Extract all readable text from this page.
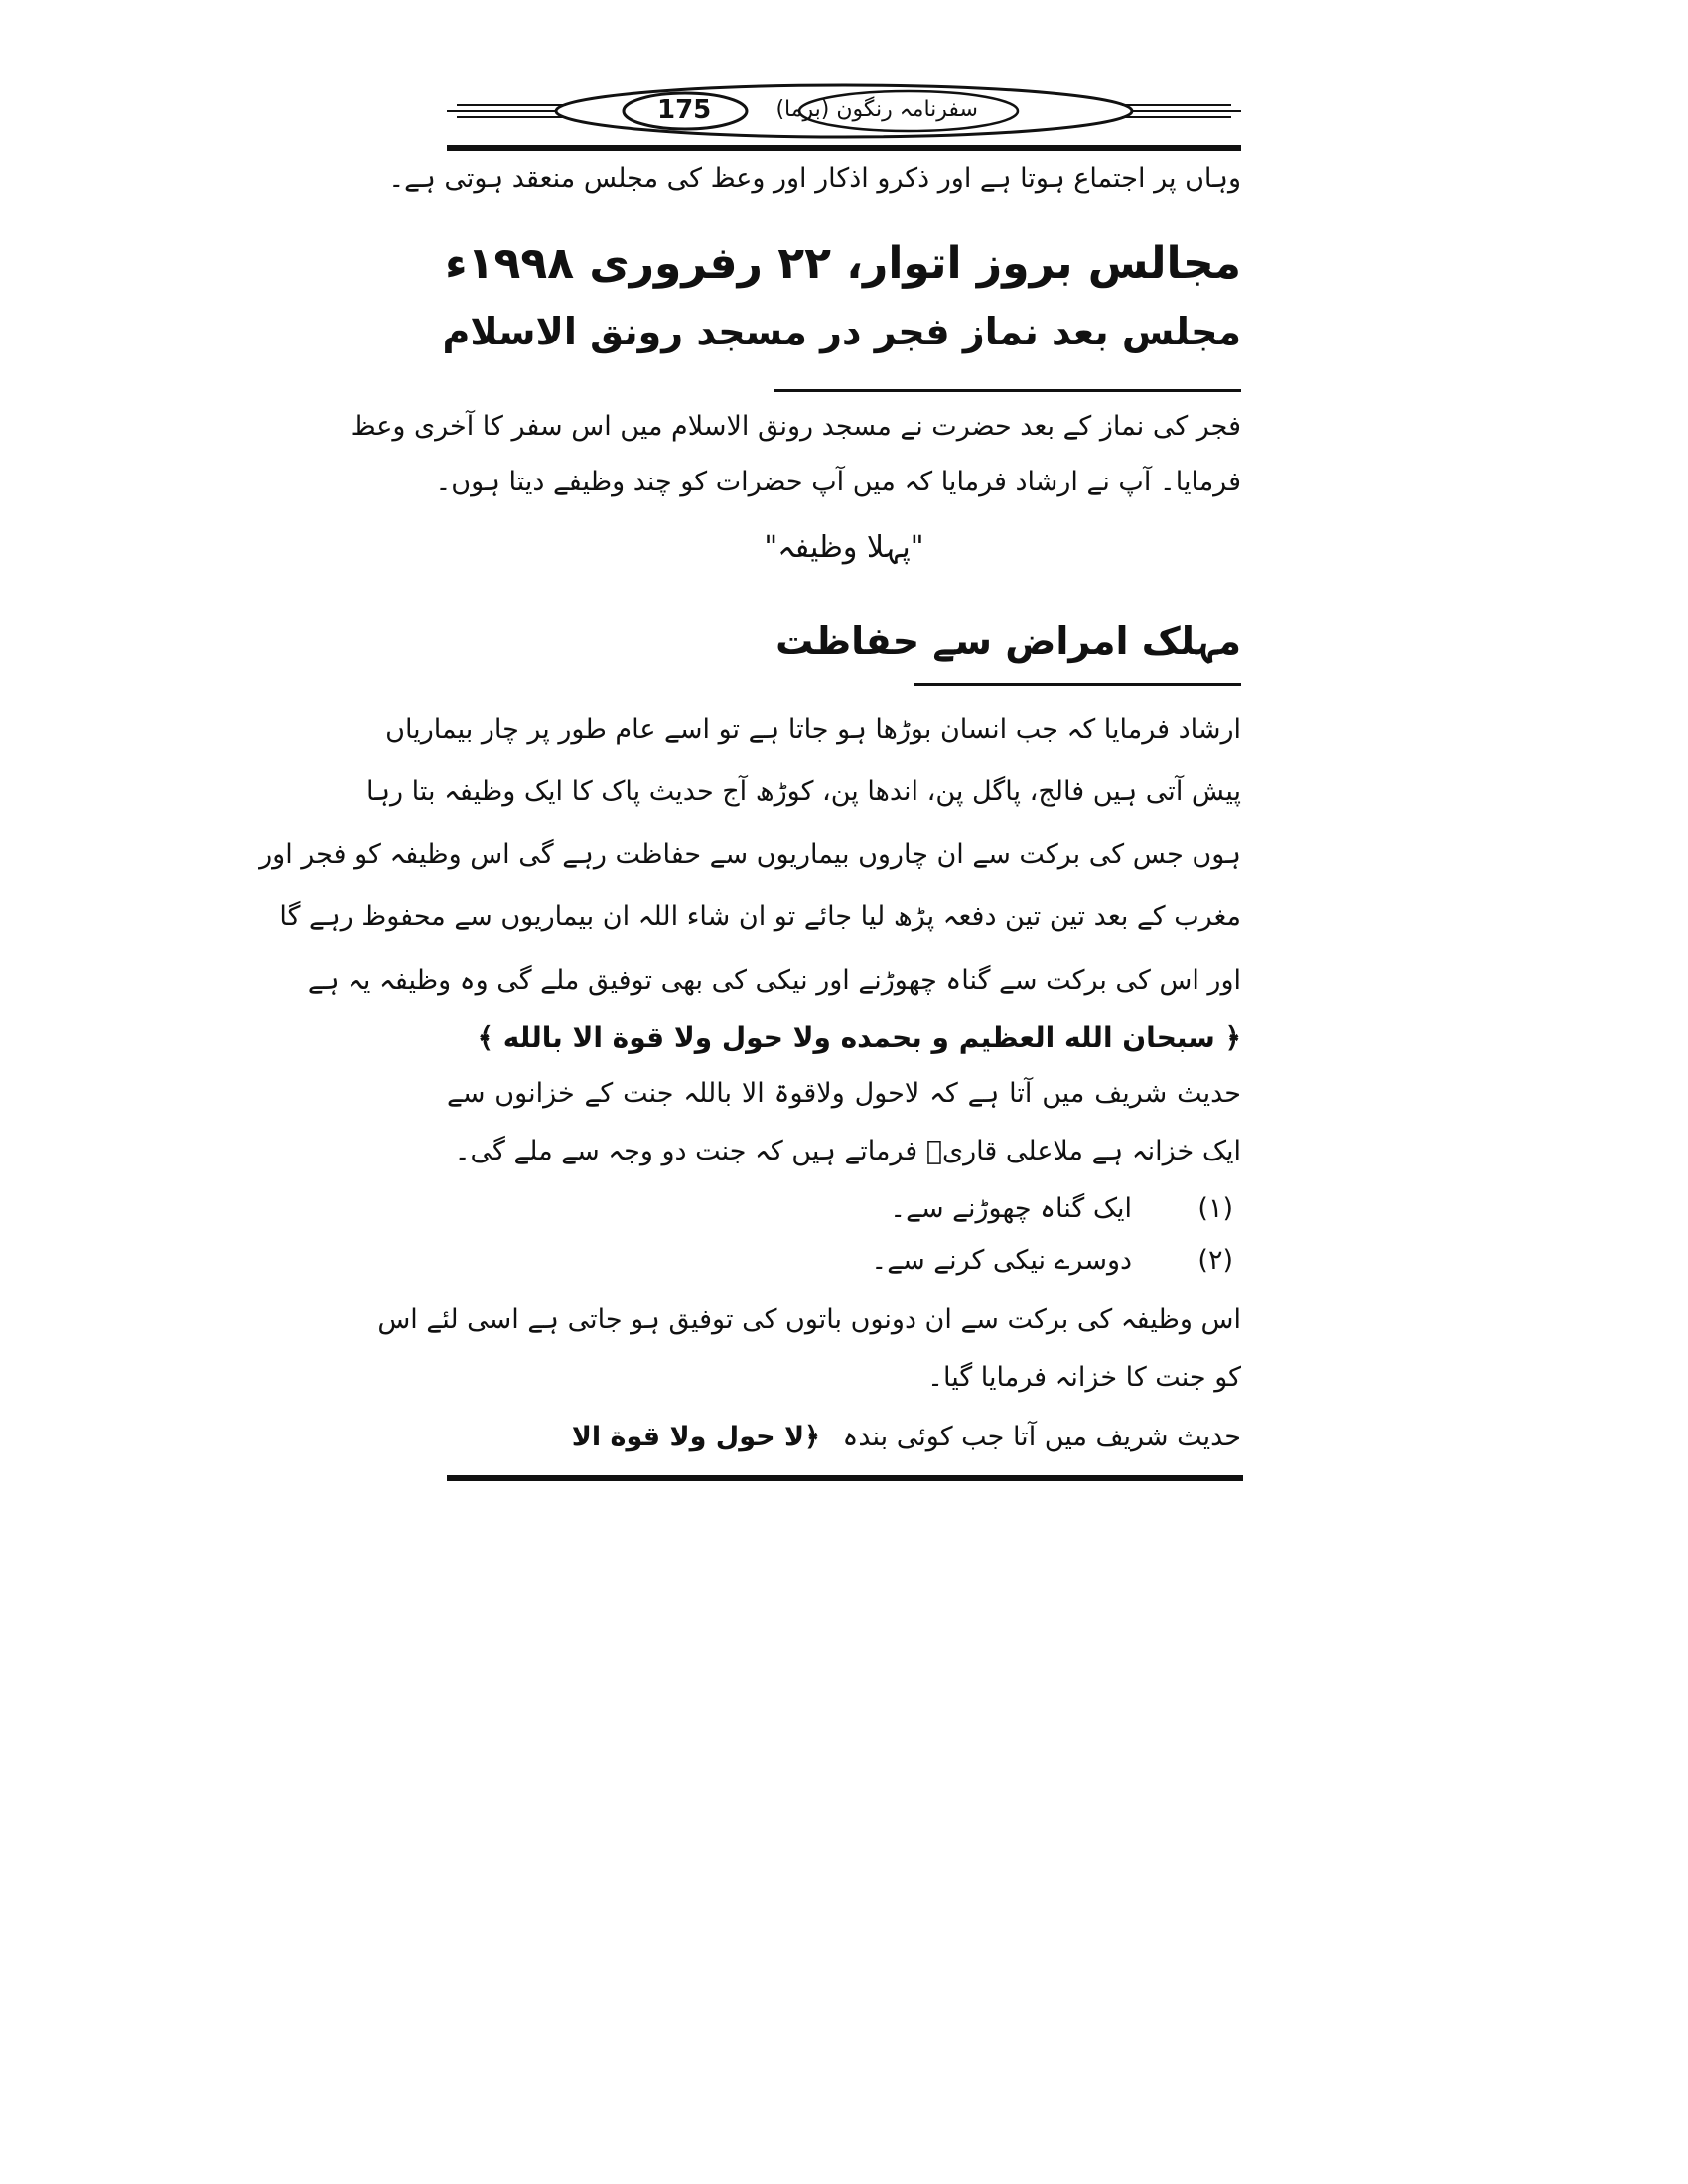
175	سفرنامہ رنگون (برما)
وہاں پر اجتماع ہوتا ہے اور ذکرو اذکار اور وعظ کی مجلس منعقد ہوتی ہے۔
مجالس بروز اتوار، ۲۲ رفروری ۱۹۹۸ء
مجلس بعد نماز فجر در مسجد رونق الاسلام
فجر کی نماز کے بعد حضرت نے مسجد رونق الاسلام میں اس سفر کا آخری وعظ
فرمایا۔ آپ نے ارشاد فرمایا کہ میں آپ حضرات کو چند وظیفے دیتا ہوں۔
"پہلا وظیفہ"
مہلک امراض سے حفاظت
ارشاد فرمایا کہ جب انسان بوڑھا ہو جاتا ہے تو اسے عام طور پر چار بیماریاں
پیش آتی ہیں فالج، پاگل پن، اندھا پن، کوڑھ آج حدیث پاک کا ایک وظیفہ بتا رہا
ہوں جس کی برکت سے ان چاروں بیماریوں سے حفاظت رہے گی اس وظیفہ کو فجر اور
مغرب کے بعد تین تین دفعہ پڑھ لیا جائے تو ان شاء اللہ ان بیماریوں سے محفوظ رہے گا
اور اس کی برکت سے گناہ چھوڑنے اور نیکی کی بھی توفیق ملے گی وہ وظیفہ یہ ہے
﴿ سبحان الله العظيم و بحمده ولا حول ولا قوة الا بالله ﴾
حدیث شریف میں آتا ہے کہ لاحول ولاقوۃ الا باللہ جنت کے خزانوں سے
ایک خزانہ ہے ملاعلی قاریؒ فرماتے ہیں کہ جنت دو وجہ سے ملے گی۔
(۱)
ایک گناہ چھوڑنے سے۔
(۲)
دوسرے نیکی کرنے سے۔
اس وظیفہ کی برکت سے ان دونوں باتوں کی توفیق ہو جاتی ہے اسی لئے اس
کو جنت کا خزانہ فرمایا گیا۔
حدیث شریف میں آتا جب کوئی بندہ ﴿لا حول ولا قوة الا
